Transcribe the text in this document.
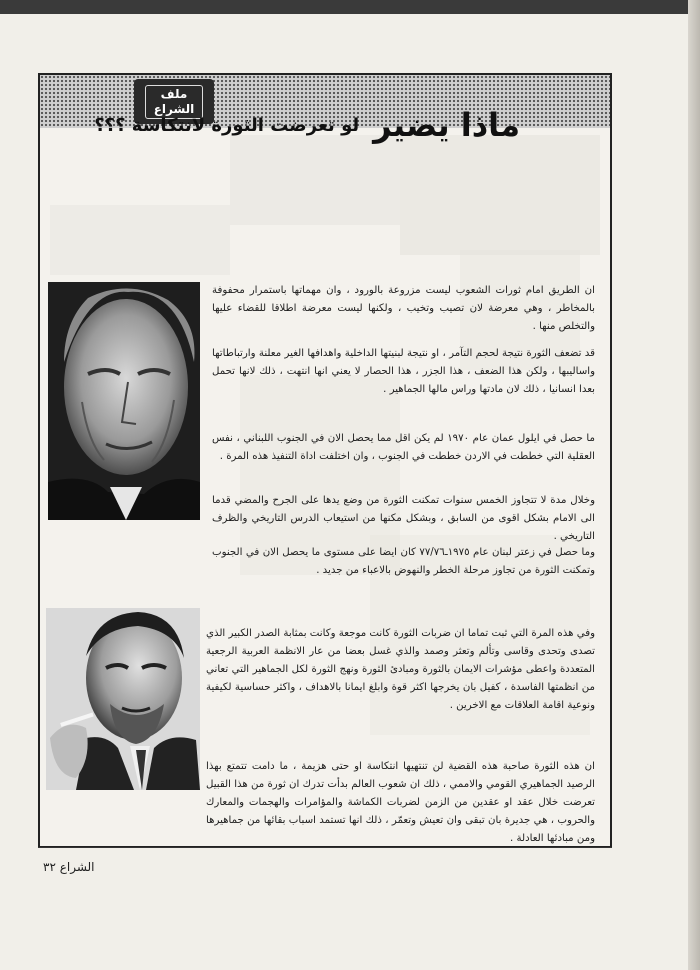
ملف
الشراع	ماذا يضير
لو تعرضت الثورة لانتكاسة ؟؟؟
ان الطريق امام ثورات الشعوب ليست مزروعة بالورود ، وان مهماتها باستمرار محفوفة بالمخاطر ، وهي معرضة لان تصيب وتخيب ، ولكنها ليست معرضة اطلاقا للقضاء عليها والتخلص منها .
قد تضعف الثورة نتيجة لحجم التآمر ، او نتيجة لبنيتها الداخلية واهدافها الغير معلنة وارتباطاتها واساليبها ، ولكن هذا الضعف ، هذا الجزر ، هذا الحصار لا يعني انها انتهت ، ذلك لانها تحمل بعدا انسانيا ، ذلك لان مادتها وراس مالها الجماهير .
ما حصل في ايلول عمان عام ١٩٧٠ لم يكن اقل مما يحصل الان في الجنوب اللبناني ، نفس العقلية التي خططت في الاردن خططت في الجنوب ، وان اختلفت اداة التنفيذ هذه المرة .
وخلال مدة لا تتجاوز الخمس سنوات تمكنت الثورة من وضع يدها على الجرح والمضي قدما الى الامام بشكل اقوى من السابق ، وبشكل مكنها من استيعاب الدرس التاريخي والظرف التاريخي .
وما حصل في زعتر لبنان عام ١٩٧٥ـ٧٧/٧٦ كان ايضا على مستوى ما يحصل الان في الجنوب وتمكنت الثورة من تجاوز مرحلة الخطر والنهوض بالاعباء من جديد .
وفي هذه المرة التي ثبت تماما ان ضربات الثورة كانت موجعة وكانت بمثابة الصدر الكبير الذي تصدى وتحدى وقاسى وتألم وتعثر وصمد والذي غسل بعضا من عار الانظمة العربية الرجعية المتعددة واعطى مؤشرات الايمان بالثورة ومبادئ الثورة ونهج الثورة لكل الجماهير التي تعاني من انظمتها الفاسدة ، كفيل بان يخرجها اكثر قوة وابلغ ايمانا بالاهداف ، واكثر حساسية لكيفية ونوعية اقامة العلاقات مع الاخرين .
ان هذه الثورة صاحبة هذه القضية لن تنتهيها انتكاسة او حتى هزيمة ، ما دامت تتمتع بهذا الرصيد الجماهيري القومي والاممي ، ذلك ان شعوب العالم بدأت تدرك ان ثورة من هذا القبيل تعرضت خلال عقد او عقدين من الزمن لضربات الكماشة والمؤامرات والهجمات والمعارك والحروب ، هي جديرة بان تبقى وان تعيش وتعمّر ، ذلك انها تستمد اسباب بقائها من جماهيرها ومن مبادئها العادلة .
الشراع ٣٢
